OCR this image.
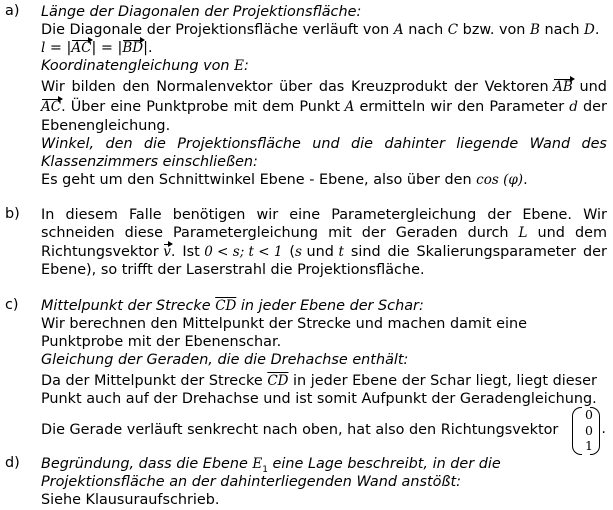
a) Länge der Diagonalen der Projektionsfläche:
Die Diagonale der Projektionsfläche verläuft von A nach C bzw. von B nach D.
l = |AC| = |BD|.
Koordinatengleichung von E:
Wir bilden den Normalenvektor über das Kreuzprodukt der Vektoren AB und
AC. Über eine Punktprobe mit dem Punkt A ermitteln wir den Parameter d der
Ebenengleichung.
Winkel, den die Projektionsfläche und die dahinter liegende Wand des
Klassenzimmers einschließen:
Es geht um den Schnittwinkel Ebene - Ebene, also über den cos (φ).
b) In diesem Falle benötigen wir eine Parametergleichung der Ebene. Wir
schneiden diese Parametergleichung mit der Geraden durch L und dem
Richtungsvektor v. Ist 0 < s; t < 1 (s und t sind die Skalierungsparameter der
Ebene), so trifft der Laserstrahl die Projektionsfläche.
c) Mittelpunkt der Strecke $\overline{CD}$ in jeder Ebene der Schar:
Wir berechnen den Mittelpunkt der Strecke und machen damit eine
Punktprobe mit der Ebenenschar.
Gleichung der Geraden, die die Drehachse enthält:
Da der Mittelpunkt der Strecke $\overline{CD}$ in jeder Ebene der Schar liegt, liegt dieser
Punkt auch auf der Drehachse und ist somit Aufpunkt der Geradengleichung.
Die Gerade verläuft senkrecht nach oben, hat also den Richtungsvektor
0
0
1
.
d) Begründung, dass die Ebene $E_1$ eine Lage beschreibt, in der die
Projektionsfläche an der dahinterliegenden Wand anstößt:
Siehe Klausuraufschrieb.
